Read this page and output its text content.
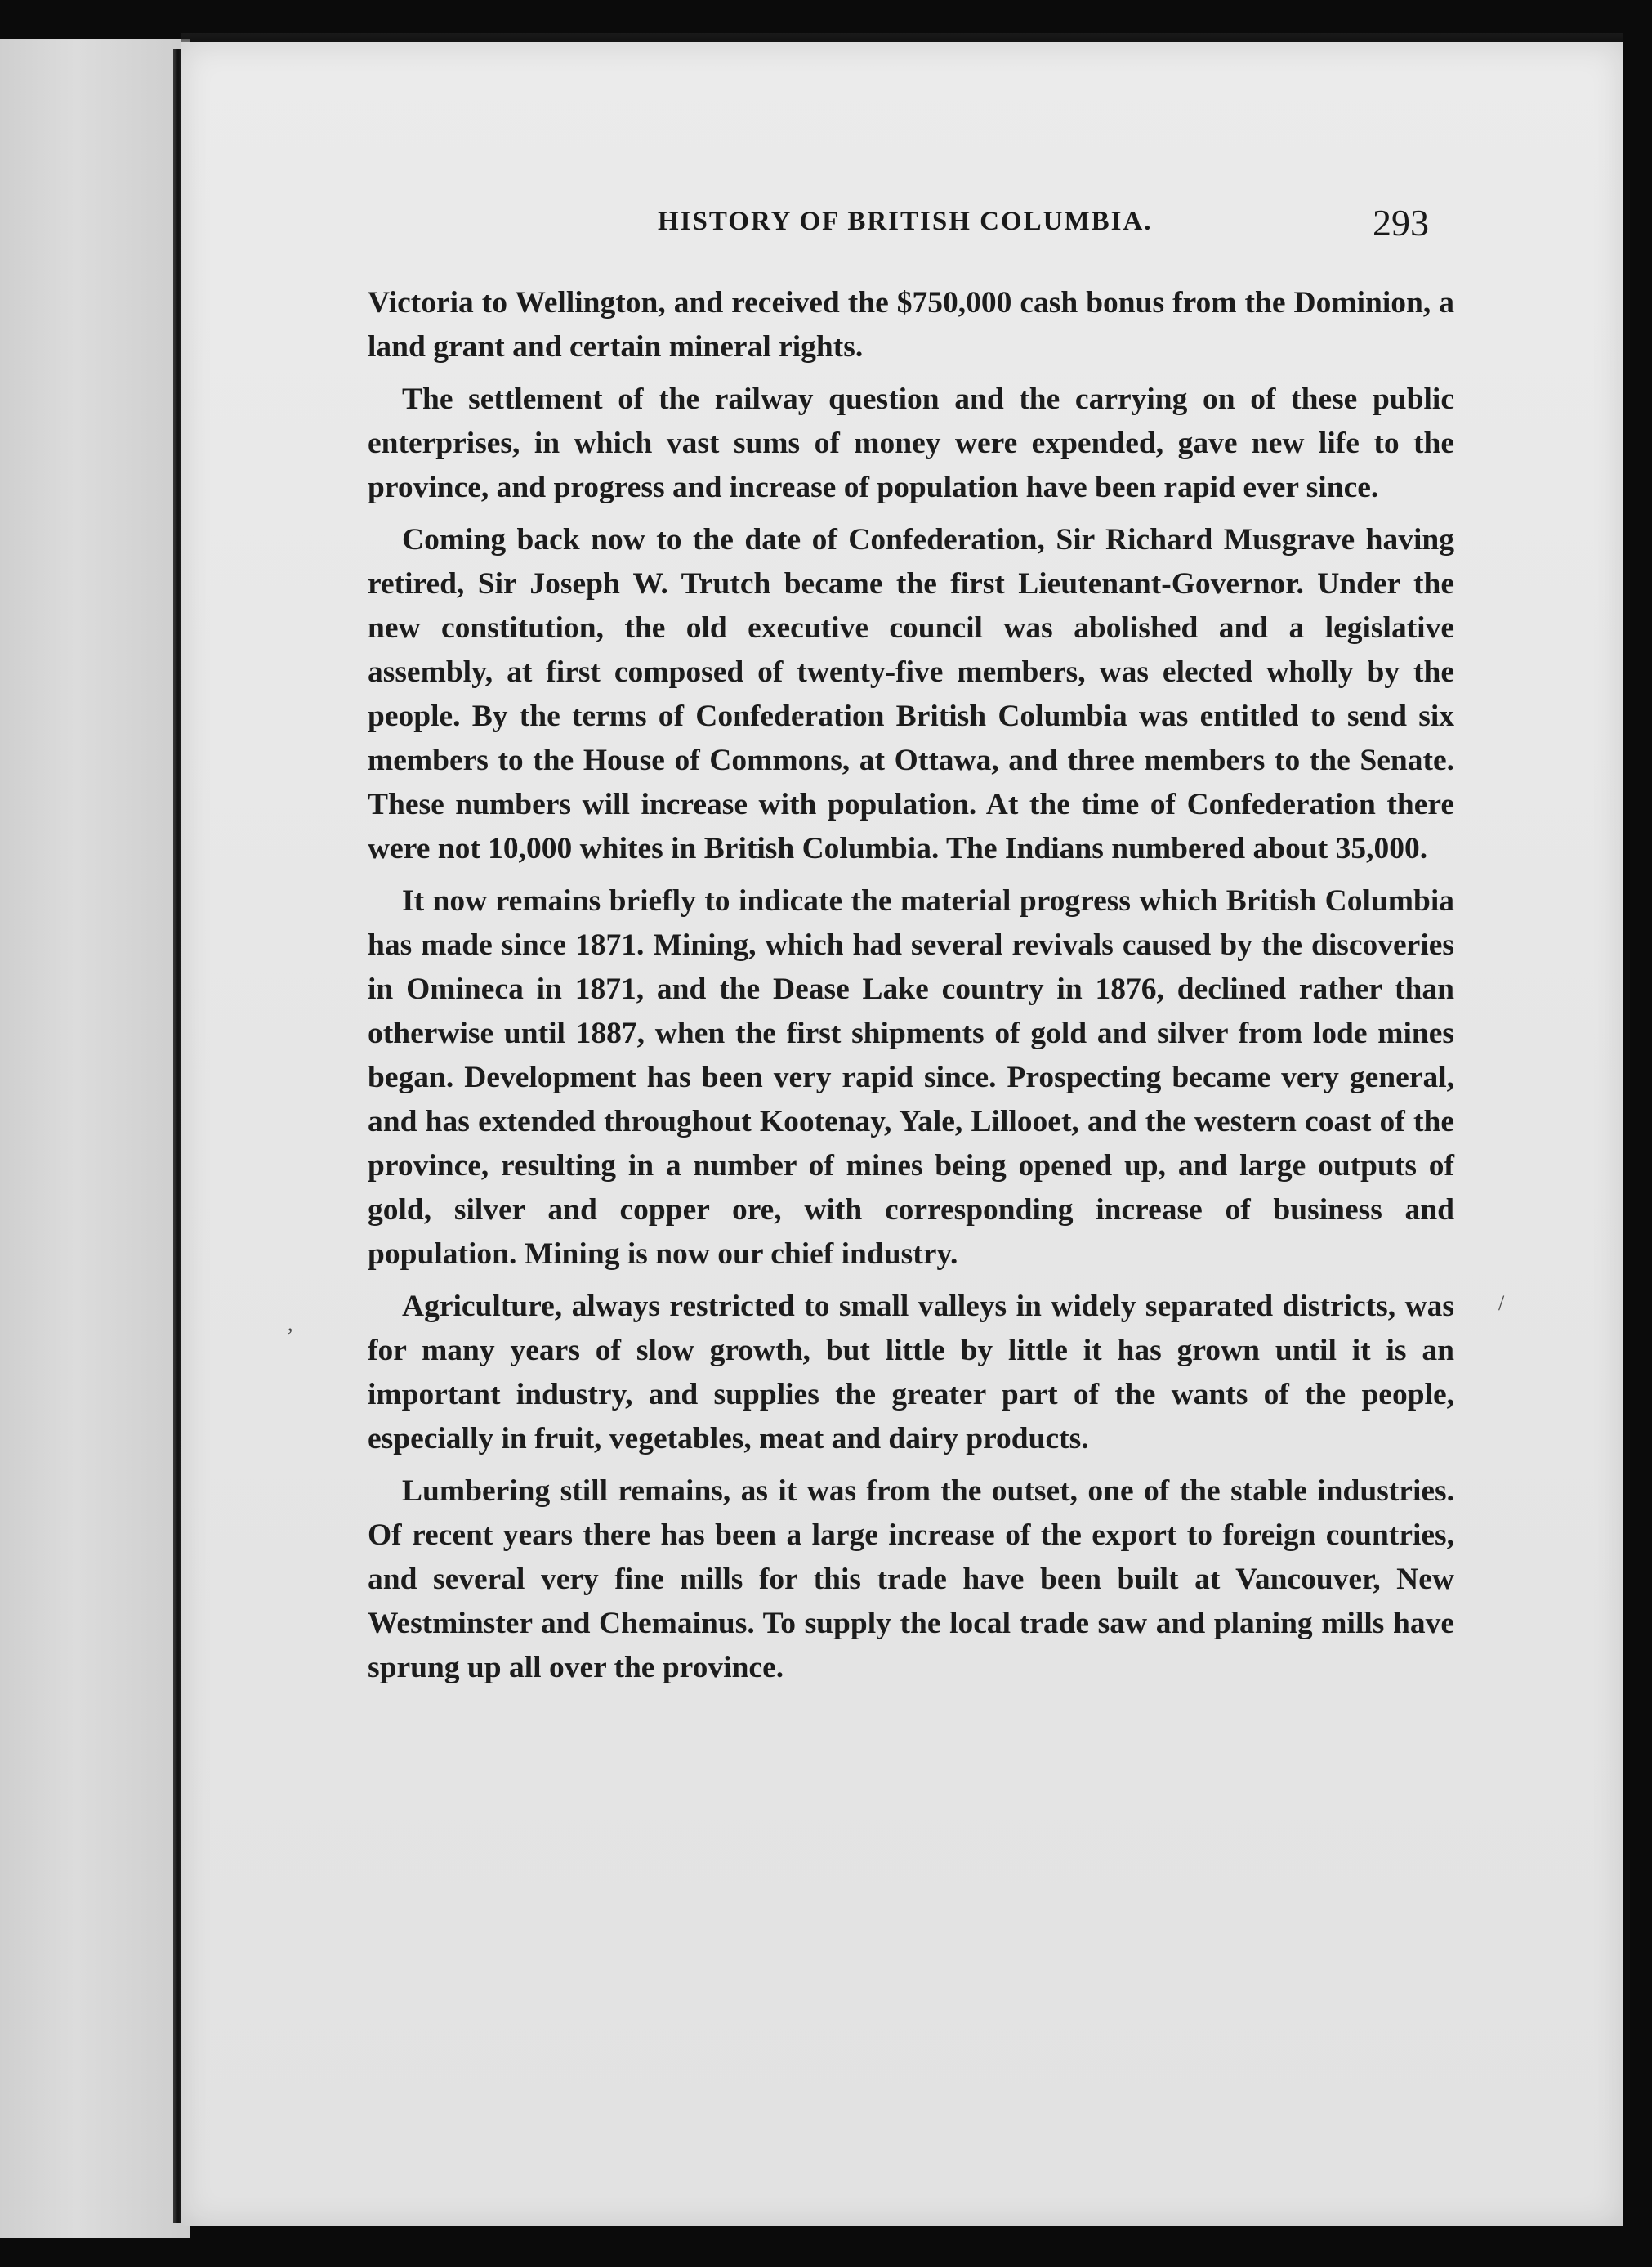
HISTORY OF BRITISH COLUMBIA.	293

Victoria to Wellington, and received the $750,000 cash bonus from the Dominion, a land grant and certain mineral rights.

The settlement of the railway question and the carrying on of these public enterprises, in which vast sums of money were expended, gave new life to the province, and progress and increase of population have been rapid ever since.

Coming back now to the date of Confederation, Sir Richard Musgrave having retired, Sir Joseph W. Trutch became the first Lieutenant-Governor. Under the new constitution, the old executive council was abolished and a legislative assembly, at first composed of twenty-five members, was elected wholly by the people. By the terms of Confederation British Columbia was entitled to send six members to the House of Commons, at Ottawa, and three members to the Senate. These numbers will increase with population. At the time of Confederation there were not 10,000 whites in British Columbia. The Indians numbered about 35,000.

It now remains briefly to indicate the material progress which British Columbia has made since 1871. Mining, which had several revivals caused by the discoveries in Omineca in 1871, and the Dease Lake country in 1876, declined rather than otherwise until 1887, when the first shipments of gold and silver from lode mines began. Development has been very rapid since. Prospecting became very general, and has extended throughout Kootenay, Yale, Lillooet, and the western coast of the province, resulting in a number of mines being opened up, and large outputs of gold, silver and copper ore, with corresponding increase of business and population. Mining is now our chief industry.

Agriculture, always restricted to small valleys in widely separated districts, was for many years of slow growth, but little by little it has grown until it is an important industry, and supplies the greater part of the wants of the people, especially in fruit, vegetables, meat and dairy products.

Lumbering still remains, as it was from the outset, one of the stable industries. Of recent years there has been a large increase of the export to foreign countries, and several very fine mills for this trade have been built at Vancouver, New Westminster and Chemainus. To supply the local trade saw and planing mills have sprung up all over the province.

,
/
